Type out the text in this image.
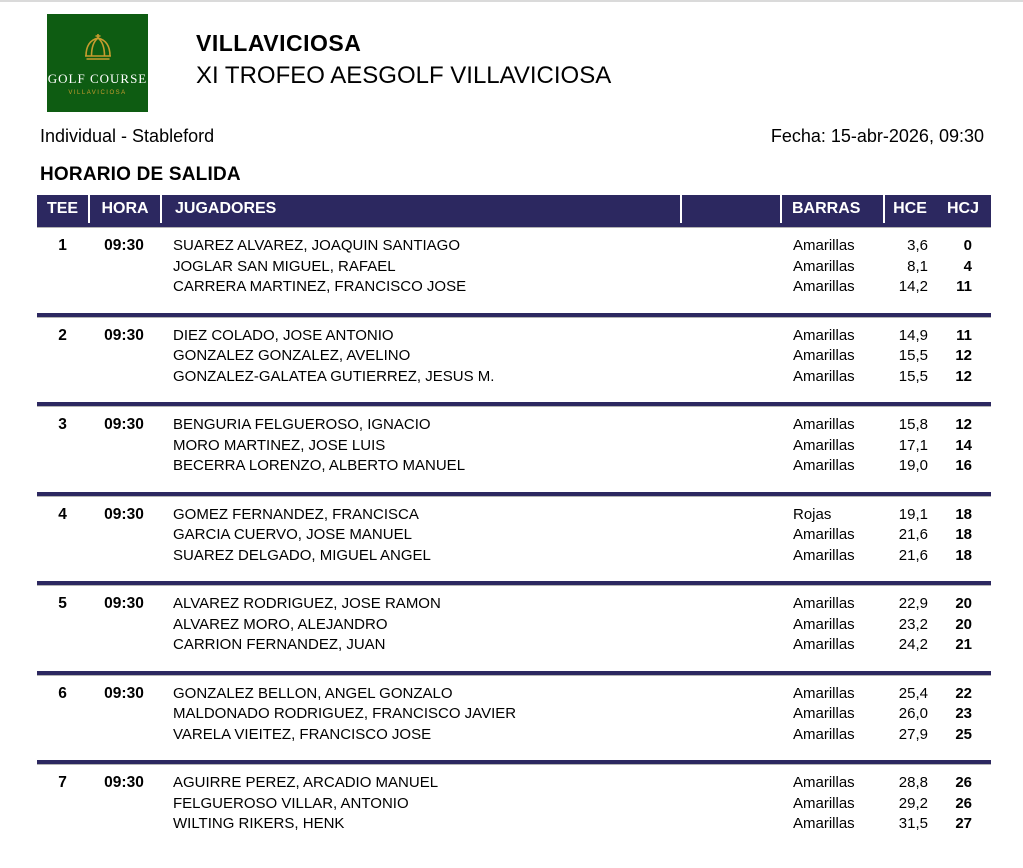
GOLF COURSE
VILLAVICIOSA
VILLAVICIOSA
XI TROFEO AESGOLF VILLAVICIOSA
Individual - Stableford	Fecha: 15-abr-2026, 09:30
HORARIO DE SALIDA
TEE	HORA	JUGADORES	BARRAS	HCE	HCJ
1	09:30	SUAREZ ALVAREZ, JOAQUIN SANTIAGO	Amarillas	3,6	0
JOGLAR SAN MIGUEL, RAFAEL	Amarillas	8,1	4
CARRERA MARTINEZ, FRANCISCO JOSE	Amarillas	14,2	11
2	09:30	DIEZ COLADO, JOSE ANTONIO	Amarillas	14,9	11
GONZALEZ GONZALEZ, AVELINO	Amarillas	15,5	12
GONZALEZ-GALATEA GUTIERREZ, JESUS M.	Amarillas	15,5	12
3	09:30	BENGURIA FELGUEROSO, IGNACIO	Amarillas	15,8	12
MORO MARTINEZ, JOSE LUIS	Amarillas	17,1	14
BECERRA LORENZO, ALBERTO MANUEL	Amarillas	19,0	16
4	09:30	GOMEZ FERNANDEZ, FRANCISCA	Rojas	19,1	18
GARCIA CUERVO, JOSE MANUEL	Amarillas	21,6	18
SUAREZ DELGADO, MIGUEL ANGEL	Amarillas	21,6	18
5	09:30	ALVAREZ RODRIGUEZ, JOSE RAMON	Amarillas	22,9	20
ALVAREZ MORO, ALEJANDRO	Amarillas	23,2	20
CARRION FERNANDEZ, JUAN	Amarillas	24,2	21
6	09:30	GONZALEZ BELLON, ANGEL GONZALO	Amarillas	25,4	22
MALDONADO RODRIGUEZ, FRANCISCO JAVIER	Amarillas	26,0	23
VARELA VIEITEZ, FRANCISCO JOSE	Amarillas	27,9	25
7	09:30	AGUIRRE PEREZ, ARCADIO MANUEL	Amarillas	28,8	26
FELGUEROSO VILLAR, ANTONIO	Amarillas	29,2	26
WILTING RIKERS, HENK	Amarillas	31,5	27
